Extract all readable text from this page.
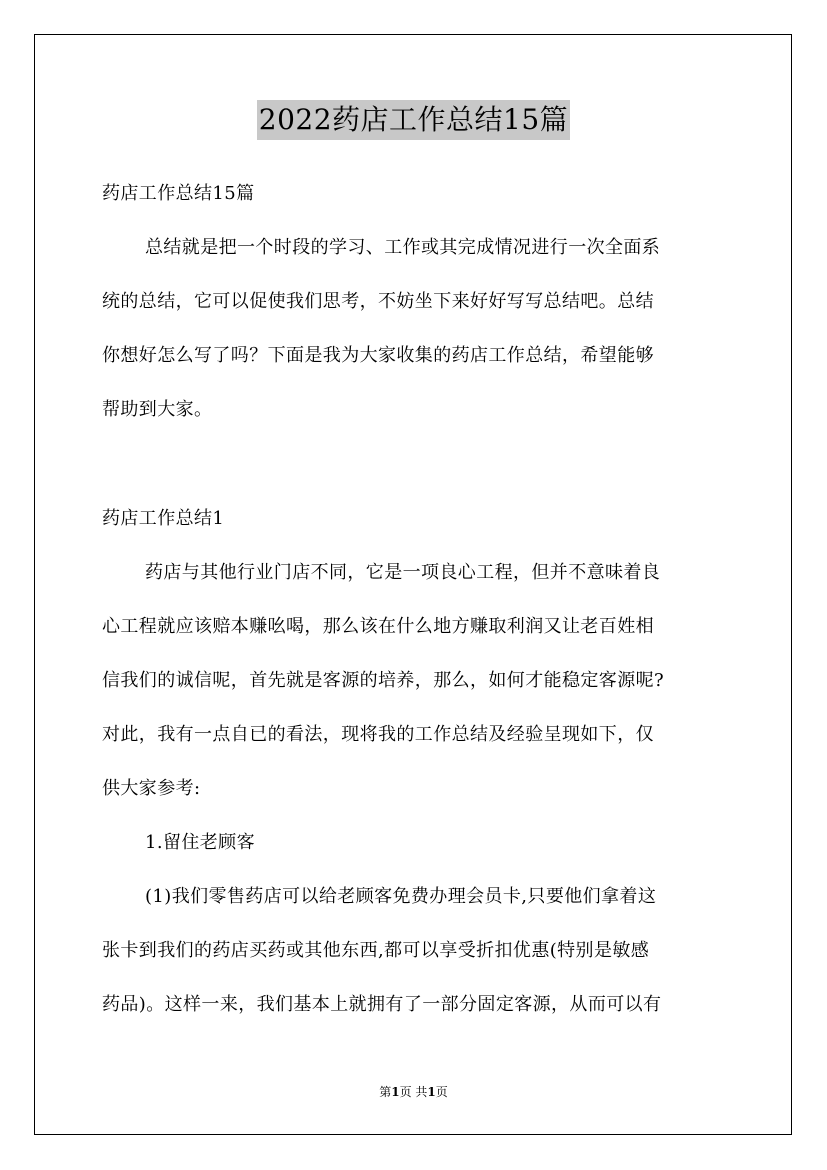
2022药店工作总结15篇
药店工作总结15篇
总结就是把一个时段的学习、工作或其完成情况进行一次全面系
统的总结，它可以促使我们思考，不妨坐下来好好写写总结吧。总结
你想好怎么写了吗？下面是我为大家收集的药店工作总结，希望能够
帮助到大家。
药店工作总结1
药店与其他行业门店不同，它是一项良心工程，但并不意味着良
心工程就应该赔本赚吆喝，那么该在什么地方赚取利润又让老百姓相
信我们的诚信呢，首先就是客源的培养，那么，如何才能稳定客源呢?
对此，我有一点自已的看法，现将我的工作总结及经验呈现如下，仅
供大家参考:
1.留住老顾客
(1)我们零售药店可以给老顾客免费办理会员卡,只要他们拿着这
张卡到我们的药店买药或其他东西,都可以享受折扣优惠(特别是敏感
药品)。这样一来，我们基本上就拥有了一部分固定客源，从而可以有
第1页 共1页
